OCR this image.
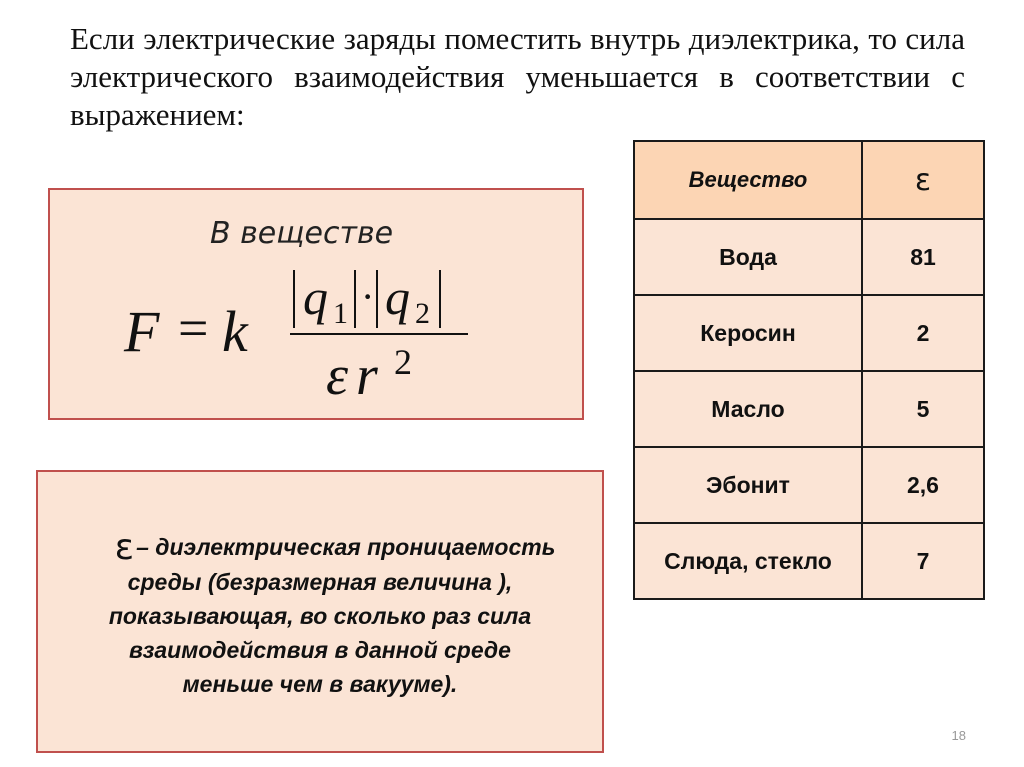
Если электрические заряды поместить внутрь диэлектрика, то сила электрического взаимодействия уменьшается в соответствии с выражением:

В веществе
F = k
q 1 · q 2
ε r 2
ε– диэлектрическая проницаемость
среды (безразмерная величина ),
показывающая, во сколько раз сила
взаимодействия в данной среде
меньше чем в вакууме).
Вещество	ε
Вода	81
Керосин	2
Масло	5
Эбонит	2,6
Слюда, стекло	7
18
